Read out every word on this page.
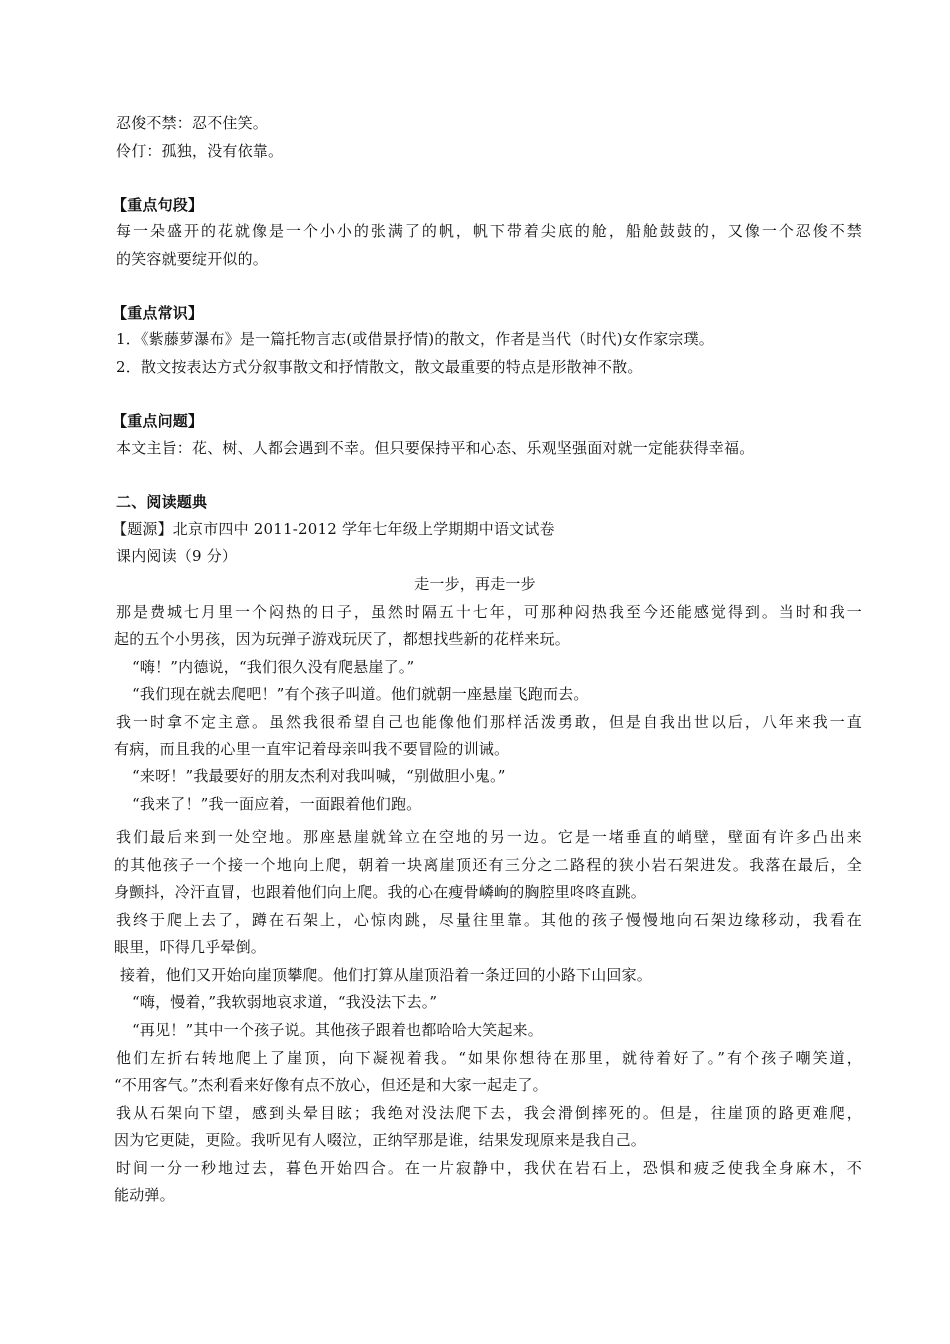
忍俊不禁：忍不住笑。
伶仃：孤独，没有依靠。
【重点句段】
每一朵盛开的花就像是一个小小的张满了的帆，帆下带着尖底的舱，船舱鼓鼓的，又像一个忍俊不禁
的笑容就要绽开似的。
【重点常识】
1．《紫藤萝瀑布》是一篇托物言志(或借景抒情)的散文，作者是当代（时代)女作家宗璞。
2．散文按表达方式分叙事散文和抒情散文，散文最重要的特点是形散神不散。
【重点问题】
本文主旨：花、树、人都会遇到不幸。但只要保持平和心态、乐观坚强面对就一定能获得幸福。
二、阅读题典
【题源】北京市四中 2011-2012 学年七年级上学期期中语文试卷
课内阅读（9 分）
走一步，再走一步
那是费城七月里一个闷热的日子，虽然时隔五十七年，可那种闷热我至今还能感觉得到。当时和我一
起的五个小男孩，因为玩弹子游戏玩厌了，都想找些新的花样来玩。
“嗨！”内德说，“我们很久没有爬悬崖了。”
“我们现在就去爬吧！”有个孩子叫道。他们就朝一座悬崖飞跑而去。
我一时拿不定主意。虽然我很希望自己也能像他们那样活泼勇敢，但是自我出世以后，八年来我一直
有病，而且我的心里一直牢记着母亲叫我不要冒险的训诫。
“来呀！”我最要好的朋友杰利对我叫喊，“别做胆小鬼。”
“我来了！”我一面应着，一面跟着他们跑。
我们最后来到一处空地。那座悬崖就耸立在空地的另一边。它是一堵垂直的峭壁，壁面有许多凸出来
的其他孩子一个接一个地向上爬，朝着一块离崖顶还有三分之二路程的狭小岩石架进发。我落在最后，全
身颤抖，冷汗直冒，也跟着他们向上爬。我的心在瘦骨嶙峋的胸腔里咚咚直跳。
我终于爬上去了，蹲在石架上，心惊肉跳，尽量往里靠。其他的孩子慢慢地向石架边缘移动，我看在
眼里，吓得几乎晕倒。
接着，他们又开始向崖顶攀爬。他们打算从崖顶沿着一条迂回的小路下山回家。
“嗨，慢着，”我软弱地哀求道，“我没法下去。”
“再见！”其中一个孩子说。其他孩子跟着也都哈哈大笑起来。
他们左折右转地爬上了崖顶，向下凝视着我。“如果你想待在那里，就待着好了。”有个孩子嘲笑道，
“不用客气。”杰利看来好像有点不放心，但还是和大家一起走了。
我从石架向下望，感到头晕目眩；我绝对没法爬下去，我会滑倒摔死的。但是，往崖顶的路更难爬，
因为它更陡，更险。我听见有人啜泣，正纳罕那是谁，结果发现原来是我自己。
时间一分一秒地过去，暮色开始四合。在一片寂静中，我伏在岩石上，恐惧和疲乏使我全身麻木，不
能动弹。
